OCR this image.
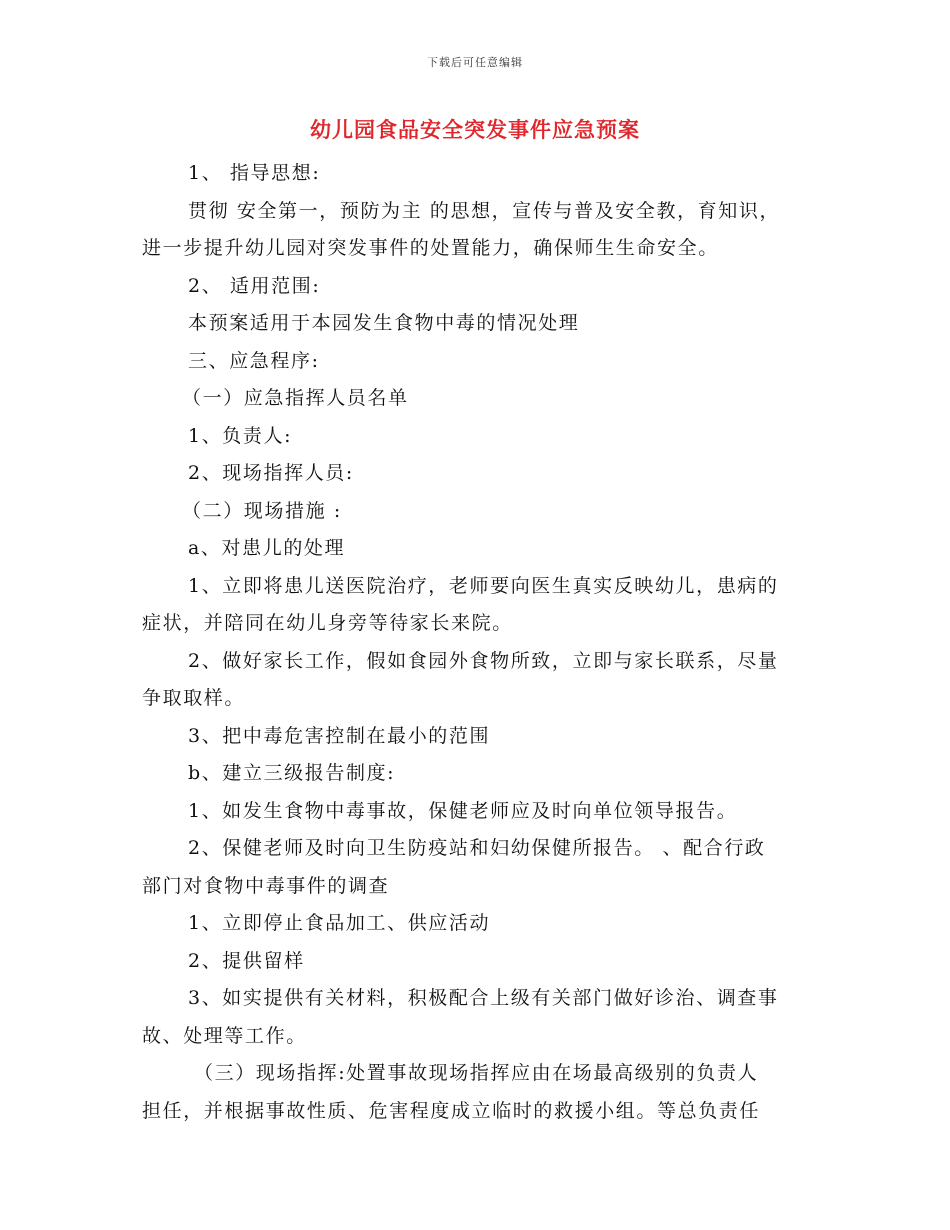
下载后可任意编辑
幼儿园食品安全突发事件应急预案

1、 指导思想:

贯彻 安全第一，预防为主 的思想，宣传与普及安全教，育知识，

进一步提升幼儿园对突发事件的处置能力，确保师生生命安全。

2、 适用范围:

本预案适用于本园发生食物中毒的情况处理

三、应急程序:

（一）应急指挥人员名单

1、负责人:

2、现场指挥人员:

（二）现场措施 :

a、对患儿的处理

1、立即将患儿送医院治疗，老师要向医生真实反映幼儿，患病的

症状，并陪同在幼儿身旁等待家长来院。

2、做好家长工作，假如食园外食物所致，立即与家长联系，尽量

争取取样。

3、把中毒危害控制在最小的范围

b、建立三级报告制度:

1、如发生食物中毒事故，保健老师应及时向单位领导报告。

2、保健老师及时向卫生防疫站和妇幼保健所报告。 、配合行政

部门对食物中毒事件的调查

1、立即停止食品加工、供应活动

2、提供留样

3、如实提供有关材料，积极配合上级有关部门做好诊治、调查事

故、处理等工作。

（三）现场指挥:处置事故现场指挥应由在场最高级别的负责人

担任，并根据事故性质、危害程度成立临时的救援小组。等总负责任
